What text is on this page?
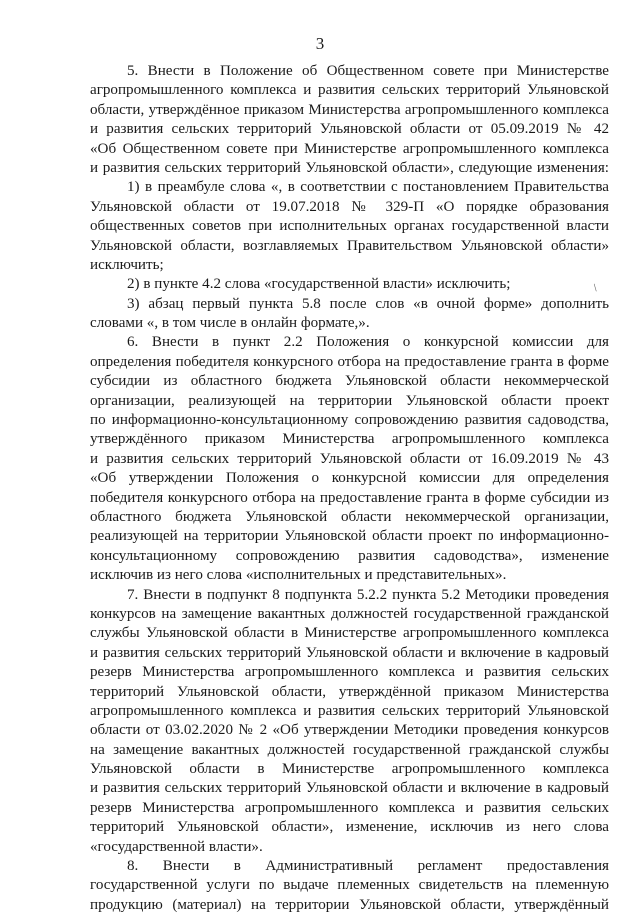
3
/
5. Внести в Положение об Общественном совете при Министерстве
агропромышленного комплекса и развития сельских территорий Ульяновской
области, утверждённое приказом Министерства агропромышленного комплекса
и развития сельских территорий Ульяновской области от 05.09.2019 № 42
«Об Общественном совете при Министерстве агропромышленного комплекса
и развития сельских территорий Ульяновской области», следующие изменения:
1) в преамбуле слова «, в соответствии с постановлением Правительства
Ульяновской области от 19.07.2018 № 329-П «О порядке образования
общественных советов при исполнительных органах государственной власти
Ульяновской области, возглавляемых Правительством Ульяновской области»
исключить;
2) в пункте 4.2 слова «государственной власти» исключить;
3) абзац первый пункта 5.8 после слов «в очной форме» дополнить
словами «, в том числе в онлайн формате,».
6. Внести в пункт 2.2 Положения о конкурсной комиссии для
определения победителя конкурсного отбора на предоставление гранта в форме
субсидии из областного бюджета Ульяновской области некоммерческой
организации, реализующей на территории Ульяновской области проект
по информационно-консультационному сопровождению развития садоводства,
утверждённого приказом Министерства агропромышленного комплекса
и развития сельских территорий Ульяновской области от 16.09.2019 № 43
«Об утверждении Положения о конкурсной комиссии для определения
победителя конкурсного отбора на предоставление гранта в форме субсидии из
областного бюджета Ульяновской области некоммерческой организации,
реализующей на территории Ульяновской области проект по информационно-
консультационному сопровождению развития садоводства», изменение
исключив из него слова «исполнительных и представительных».
7. Внести в подпункт 8 подпункта 5.2.2 пункта 5.2 Методики проведения
конкурсов на замещение вакантных должностей государственной гражданской
службы Ульяновской области в Министерстве агропромышленного комплекса
и развития сельских территорий Ульяновской области и включение в кадровый
резерв Министерства агропромышленного комплекса и развития сельских
территорий Ульяновской области, утверждённой приказом Министерства
агропромышленного комплекса и развития сельских территорий Ульяновской
области от 03.02.2020 № 2 «Об утверждении Методики проведения конкурсов
на замещение вакантных должностей государственной гражданской службы
Ульяновской области в Министерстве агропромышленного комплекса
и развития сельских территорий Ульяновской области и включение в кадровый
резерв Министерства агропромышленного комплекса и развития сельских
территорий Ульяновской области», изменение, исключив из него слова
«государственной власти».
8. Внести в Административный регламент предоставления
государственной услуги по выдаче племенных свидетельств на племенную
продукцию (материал) на территории Ульяновской области, утверждённый
